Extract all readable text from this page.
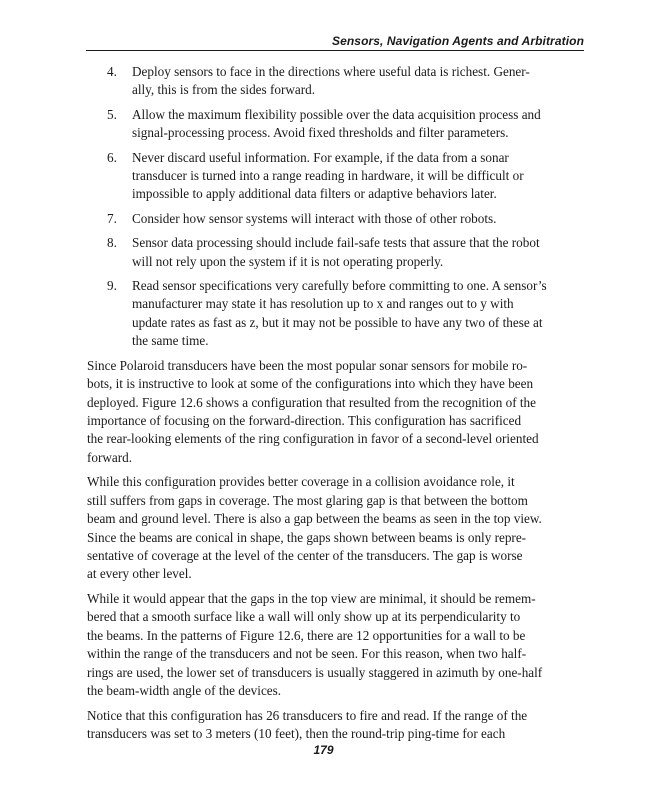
Sensors, Navigation Agents and Arbitration
4. Deploy sensors to face in the directions where useful data is richest. Gener-
ally, this is from the sides forward.
5. Allow the maximum flexibility possible over the data acquisition process and
signal-processing process. Avoid fixed thresholds and filter parameters.
6. Never discard useful information. For example, if the data from a sonar
transducer is turned into a range reading in hardware, it will be difficult or
impossible to apply additional data filters or adaptive behaviors later.
7. Consider how sensor systems will interact with those of other robots.
8. Sensor data processing should include fail-safe tests that assure that the robot
will not rely upon the system if it is not operating properly.
9. Read sensor specifications very carefully before committing to one. A sensor’s
manufacturer may state it has resolution up to x and ranges out to y with
update rates as fast as z, but it may not be possible to have any two of these at
the same time.

Since Polaroid transducers have been the most popular sonar sensors for mobile ro-
bots, it is instructive to look at some of the configurations into which they have been
deployed. Figure 12.6 shows a configuration that resulted from the recognition of the
importance of focusing on the forward-direction. This configuration has sacrificed
the rear-looking elements of the ring configuration in favor of a second-level oriented
forward.

While this configuration provides better coverage in a collision avoidance role, it
still suffers from gaps in coverage. The most glaring gap is that between the bottom
beam and ground level. There is also a gap between the beams as seen in the top view.
Since the beams are conical in shape, the gaps shown between beams is only repre-
sentative of coverage at the level of the center of the transducers. The gap is worse
at every other level.

While it would appear that the gaps in the top view are minimal, it should be remem-
bered that a smooth surface like a wall will only show up at its perpendicularity to
the beams. In the patterns of Figure 12.6, there are 12 opportunities for a wall to be
within the range of the transducers and not be seen. For this reason, when two half-
rings are used, the lower set of transducers is usually staggered in azimuth by one-half
the beam-width angle of the devices.

Notice that this configuration has 26 transducers to fire and read. If the range of the
transducers was set to 3 meters (10 feet), then the round-trip ping-time for each

179
